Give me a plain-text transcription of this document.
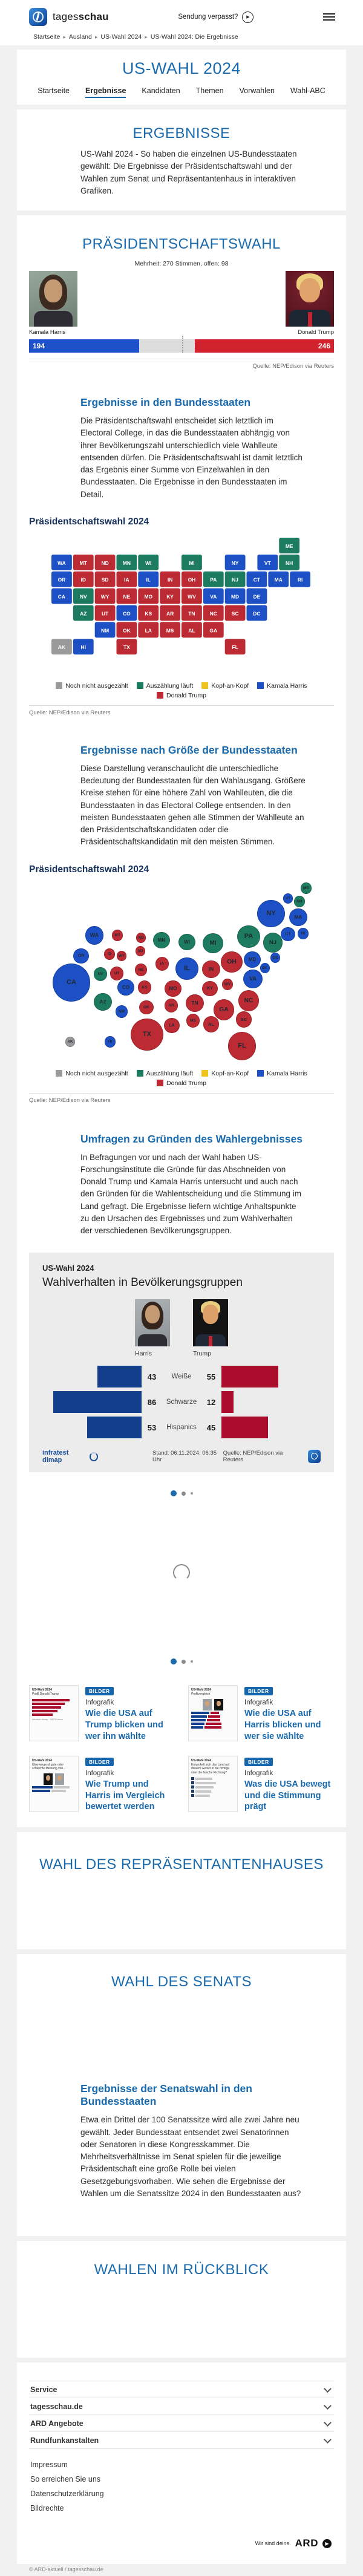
tagesschau	Sendung verpasst?	▶
Startseite ▸ Ausland ▸ US-Wahl 2024 ▸ US-Wahl 2024: Die Ergebnisse
US-WAHL 2024
Startseite Ergebnisse Kandidaten Themen Vorwahlen Wahl-ABC
ERGEBNISSE

US-Wahl 2024 - So haben die einzelnen US-Bundesstaaten gewählt: Die Ergebnisse der Präsidentschaftswahl und der Wahlen zum Senat und Repräsentantenhaus in interaktiven Grafiken.

PRÄSIDENTSCHAFTSWAHL
Mehrheit: 270 Stimmen, offen: 98
Kamala Harris	Donald Trump
194	246
Quelle: NEP/Edison via Reuters
Ergebnisse in den Bundesstaaten

Die Präsidentschaftswahl entscheidet sich letztlich im Electoral College, in das die Bundesstaaten abhängig von ihrer Bevölkerungszahl unterschiedlich viele Wahlleute entsenden dürfen. Die Präsidentschaftswahl ist damit letztlich das Ergebnis einer Summe von Einzelwahlen in den Bundesstaaten. Die Ergebnisse in den Bundesstaaten im Detail.

Präsidentschaftswahl 2024
AL
AK
AZ	AR
CA
CO
CT
DE
DC
FL
GA
HI
ID	IL	IN
IA
KS
KY
LA
ME
MD
MA
MI
MN
MS
MO
MT
NE
NV
NH
NJ
NM
NY
NC
ND
OH
OK
OR	PA	RI
SC
SD
TN
TX
UT
VT
VA
WA
WV
WI
WY
Noch nicht ausgezählt	Auszählung läuft	Kopf-an-Kopf	Kamala Harris
Donald Trump
Quelle: NEP/Edison via Reuters
Ergebnisse nach Größe der Bundesstaaten

Diese Darstellung veranschaulicht die unterschiedliche Bedeutung der Bundesstaaten für den Wahlausgang. Größere Kreise stehen für eine höhere Zahl von Wahlleuten, die die Bundesstaaten in das Electoral College entsenden. In den meisten Bundesstaaten gehen alle Stimmen der Wahlleute an den Präsidentschaftskandidaten oder die Präsidentschaftskandidatin mit den meisten Stimmen.

Präsidentschaftswahl 2024
AL
AK
AZ
AR
CA
CO
CT
DE
DC
FL
GA
HI
ID
IL	IN
IA
KS	KY
LA
ME
MD
MA
MI
MN
MS
MO
MT
NE
NV
NH
NJ
NM
NY
NC
ND
OH
OK
OR
PA	RI
SC
SD
TN
TX
UT
VT
VA
WA
WV
WI
WY
Noch nicht ausgezählt	Auszählung läuft	Kopf-an-Kopf	Kamala Harris
Donald Trump
Quelle: NEP/Edison via Reuters
Umfragen zu Gründen des Wahlergebnisses

In Befragungen vor und nach der Wahl haben US-Forschungsinstitute die Gründe für das Abschneiden von Donald Trump und Kamala Harris untersucht und auch nach den Gründen für die Wahlentscheidung und die Stimmung im Land gefragt. Die Ergebnisse liefern wichtige Anhaltspunkte zu den Ursachen des Ergebnisses und zum Wahlverhalten der verschiedenen Bevölkerungsgruppen.

US-Wahl 2024
Wahlverhalten in Bevölkerungsgruppen
Harris	Trump
43	Weiße	55
86	Schwarze	12
53	Hispanics	45
infratest dimap
Stand: 06.11.2024, 06:35 Uhr
Quelle: NEP/Edison via Reuters
US-Wahl 2024
Profil Donald Trump
infratest dimap · NEP/Edison
BILDER
Infografik
Wie die USA auf Trump blicken und wer ihn wählte
US-Wahl 2024
Profilvergleich	BILDER
Infografik
Wie die USA auf Harris blicken und wer sie wählte
US-Wahl 2024
Überwiegend gute oder schlechte Meinung von...
BILDER
Infografik
Wie Trump und Harris im Vergleich bewertet werden
US-Wahl 2024
Entwickelt sich das Land auf diesem Gebiet in die richtige oder die falsche Richtung?
BILDER
Infografik
Was die USA bewegt und die Stimmung prägt
WAHL DES REPRÄSENTANTENHAUSES
WAHL DES SENATS
Ergebnisse der Senatswahl in den Bundesstaaten

Etwa ein Drittel der 100 Senatssitze wird alle zwei Jahre neu gewählt. Jeder Bundesstaat entsendet zwei Senatorinnen oder Senatoren in diese Kongresskammer. Die Mehrheitsverhältnisse im Senat spielen für die jeweilige Präsidentschaft eine große Rolle bei vielen Gesetzgebungsvorhaben. Wie sehen die Ergebnisse der Wahlen um die Senatssitze 2024 in den Bundesstaaten aus?

WAHLEN IM RÜCKBLICK
Service
tagesschau.de
ARD Angebote
Rundfunkanstalten
Impressum
So erreichen Sie uns
Datenschutzerklärung
Bildrechte
Wir sind deins. ARD	▶
© ARD-aktuell / tagesschau.de
